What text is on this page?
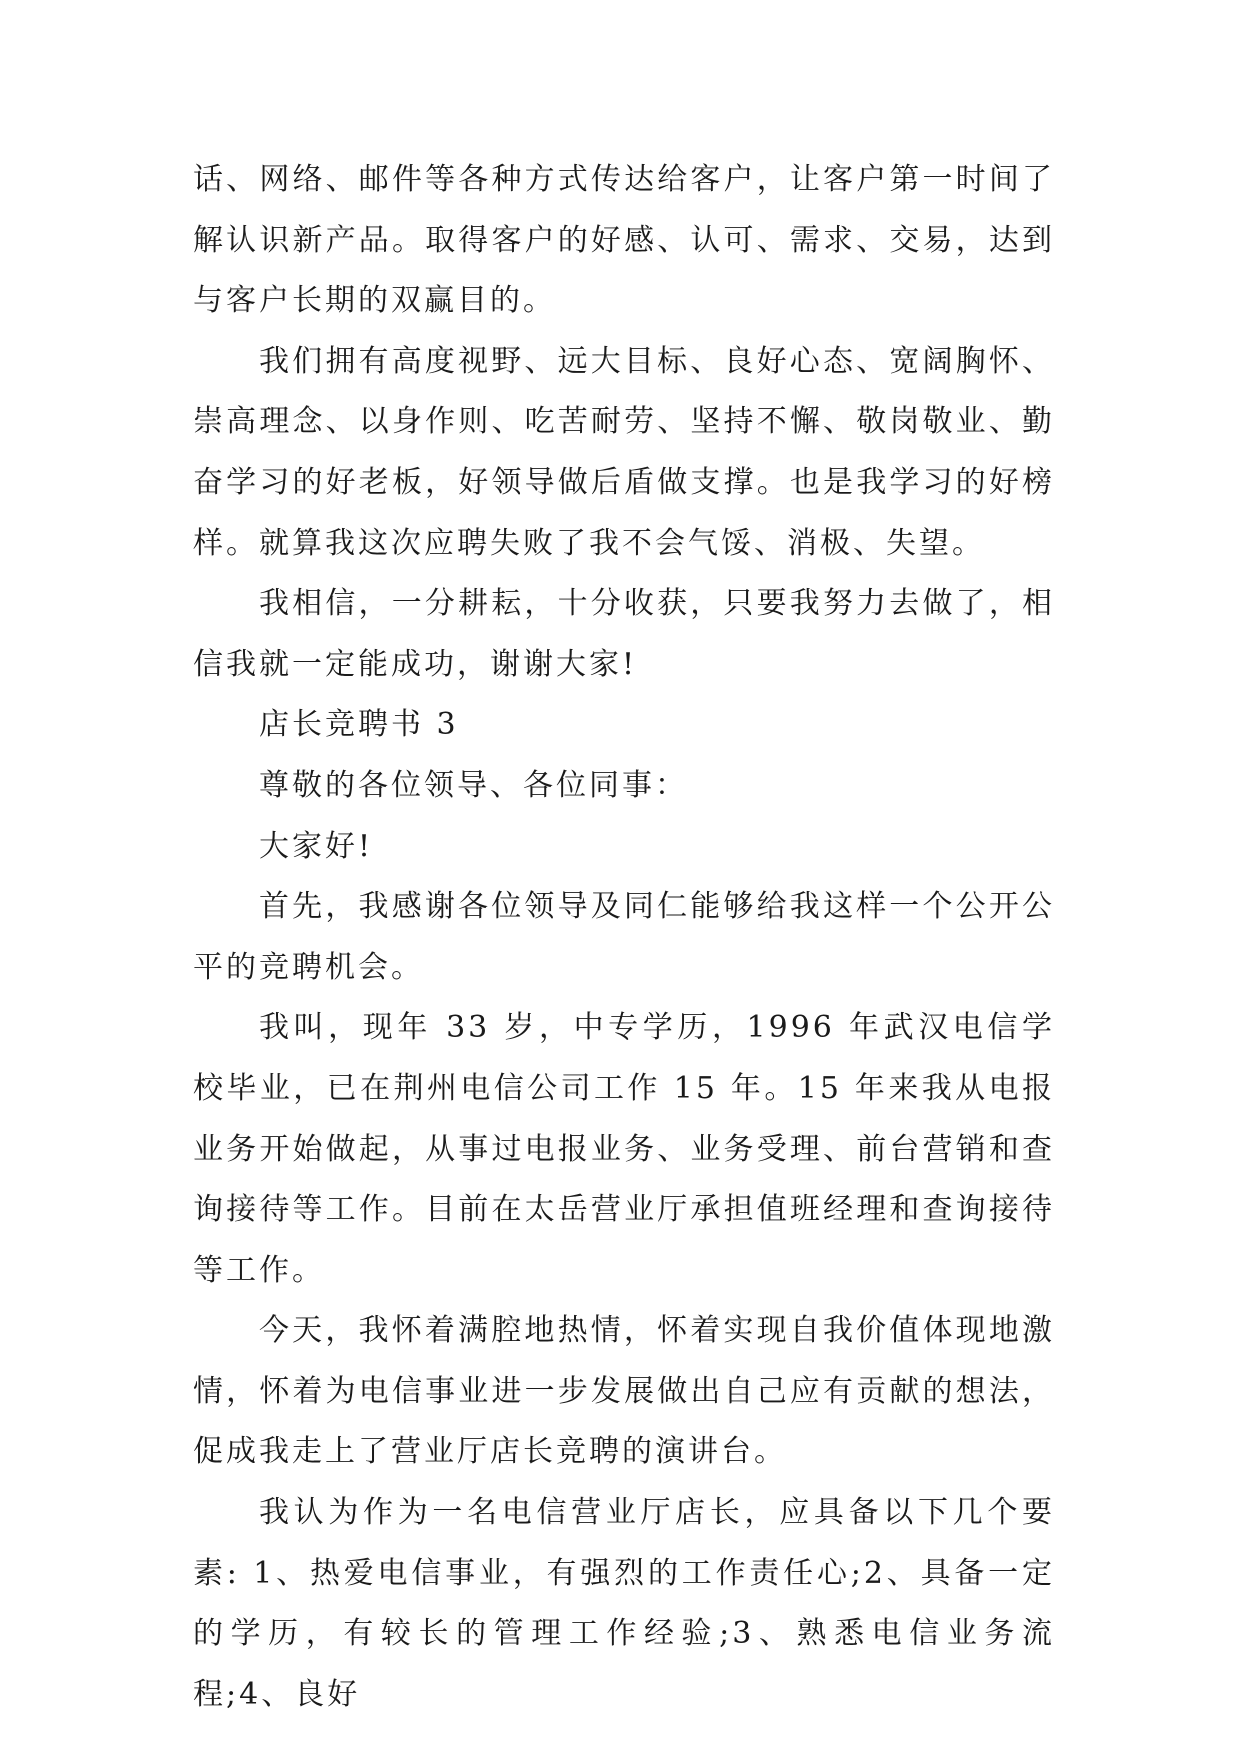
话、网络、邮件等各种方式传达给客户，让客户第一时间了解认识新产品。取得客户的好感、认可、需求、交易，达到与客户长期的双赢目的。

我们拥有高度视野、远大目标、良好心态、宽阔胸怀、崇高理念、以身作则、吃苦耐劳、坚持不懈、敬岗敬业、勤奋学习的好老板，好领导做后盾做支撑。也是我学习的好榜样。就算我这次应聘失败了我不会气馁、消极、失望。

我相信，一分耕耘，十分收获，只要我努力去做了，相信我就一定能成功，谢谢大家!

店长竞聘书 3

尊敬的各位领导、各位同事：

大家好!

首先，我感谢各位领导及同仁能够给我这样一个公开公平的竞聘机会。

我叫，现年 33 岁，中专学历，1996 年武汉电信学校毕业，已在荆州电信公司工作 15 年。15 年来我从电报业务开始做起，从事过电报业务、业务受理、前台营销和查询接待等工作。目前在太岳营业厅承担值班经理和查询接待等工作。

今天，我怀着满腔地热情，怀着实现自我价值体现地激情，怀着为电信事业进一步发展做出自己应有贡献的想法，促成我走上了营业厅店长竞聘的演讲台。

我认为作为一名电信营业厅店长，应具备以下几个要素: 1、热爱电信事业，有强烈的工作责任心;2、具备一定的学历，有较长的管理工作经验;3、熟悉电信业务流程;4、良好
